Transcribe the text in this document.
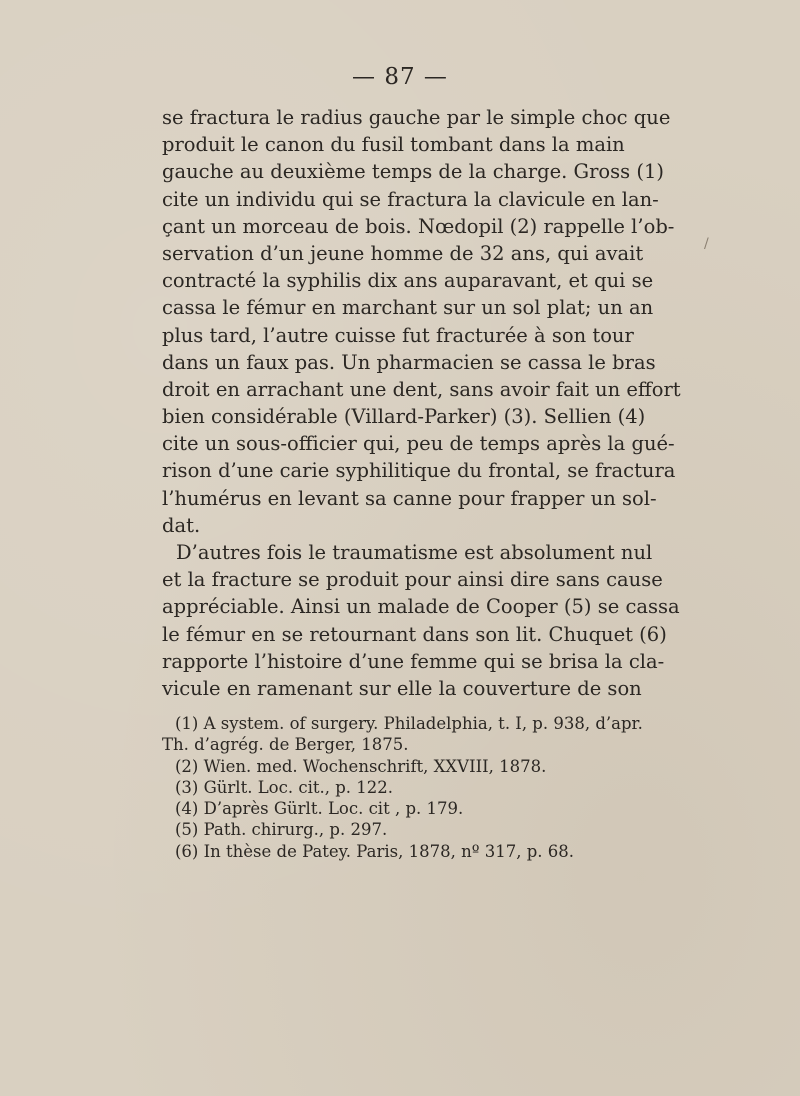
— 87 —
se fractura le radius gauche par le simple choc que
produit le canon du fusil tombant dans la main
gauche au deuxième temps de la charge. Gross (1)
cite un individu qui se fractura la clavicule en lan-
çant un morceau de bois. Nœdopil (2) rappelle l’ob-
servation d’un jeune homme de 32 ans, qui avait
contracté la syphilis dix ans auparavant, et qui se
cassa le fémur en marchant sur un sol plat; un an
plus tard, l’autre cuisse fut fracturée à son tour
dans un faux pas. Un pharmacien se cassa le bras
droit en arrachant une dent, sans avoir fait un effort
bien considérable (Villard-Parker) (3). Sellien (4)
cite un sous-officier qui, peu de temps après la gué-
rison d’une carie syphilitique du frontal, se fractura
l’humérus en levant sa canne pour frapper un sol-
dat.
D’autres fois le traumatisme est absolument nul
et la fracture se produit pour ainsi dire sans cause
appréciable. Ainsi un malade de Cooper (5) se cassa
le fémur en se retournant dans son lit. Chuquet (6)
rapporte l’histoire d’une femme qui se brisa la cla-
vicule en ramenant sur elle la couverture de son
(1) A system. of surgery. Philadelphia, t. I, p. 938, d’apr.
Th. d’agrég. de Berger, 1875.
(2) Wien. med. Wochenschrift, XXVIII, 1878.
(3) Gürlt. Loc. cit., p. 122.
(4) D’après Gürlt. Loc. cit , p. 179.
(5) Path. chirurg., p. 297.
(6) In thèse de Patey. Paris, 1878, nº 317, p. 68.
/
